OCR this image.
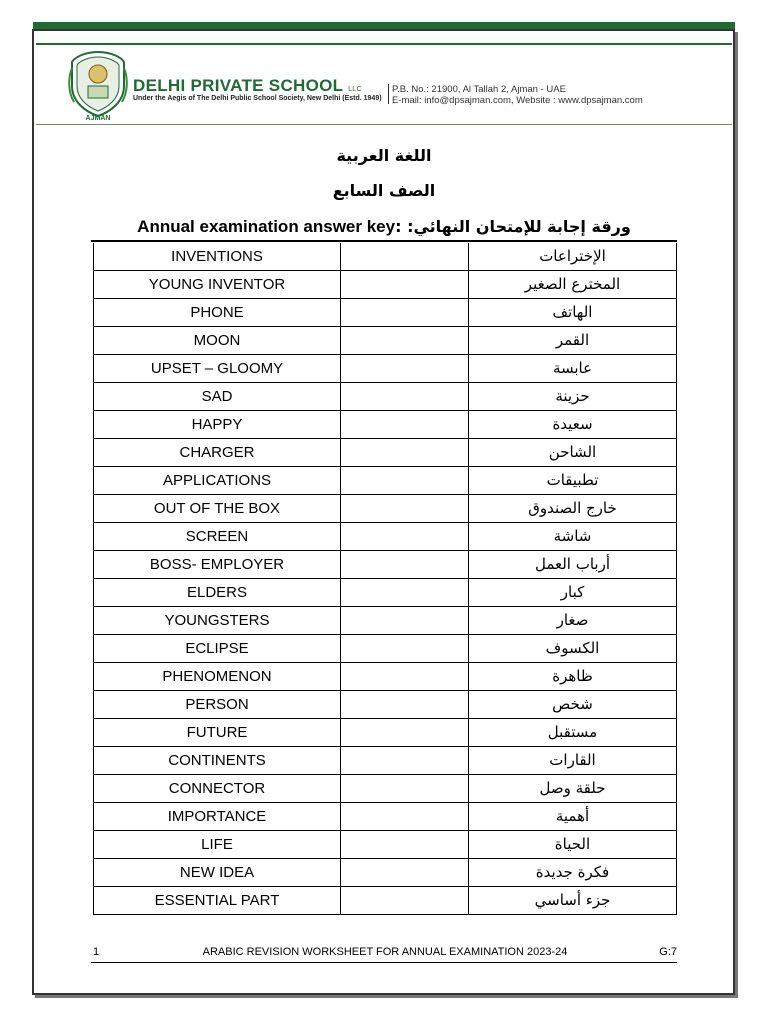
AJMAN
DELHI PRIVATE SCHOOL LLC
Under the Aegis of The Delhi Public School Society, New Delhi (Estd. 1949)
P.B. No.: 21900, Al Tallah 2, Ajman - UAE
E-mail: info@dpsajman.com, Website : www.dpsajman.com
اللغة العربية
الصف السابع
Annual examination answer key: ورقة إجابة للإمتحان النهائي:
INVENTIONS		الإختراعات
YOUNG INVENTOR		المخترع الصغير
PHONE		الهاتف
MOON		القمر
UPSET – GLOOMY		عابسة
SAD		حزينة
HAPPY		سعيدة
CHARGER		الشاحن
APPLICATIONS		تطبيقات
OUT OF THE BOX		خارج الصندوق
SCREEN		شاشة
BOSS- EMPLOYER		أرباب العمل
ELDERS		كبار
YOUNGSTERS		صغار
ECLIPSE		الكسوف
PHENOMENON		ظاهرة
PERSON		شخص
FUTURE		مستقبل
CONTINENTS		القارات
CONNECTOR		حلقة وصل
IMPORTANCE		أهمية
LIFE		الحياة
NEW IDEA		فكرة جديدة
ESSENTIAL PART		جزء أساسي
1	ARABIC REVISION WORKSHEET FOR ANNUAL EXAMINATION 2023-24	G:7
